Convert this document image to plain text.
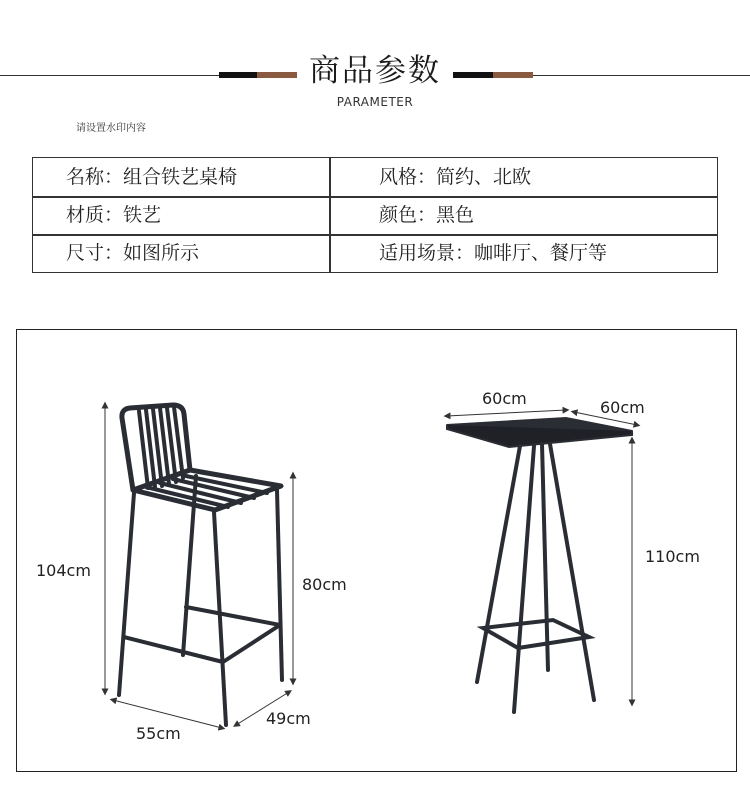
商品参数
PARAMETER
请设置水印内容
名称：组合铁艺桌椅	风格：简约、北欧
材质：铁艺	颜色：黑色
尺寸：如图所示	适用场景：咖啡厅、餐厅等
104cm
80cm
55cm
49cm
60cm	60cm
110cm
